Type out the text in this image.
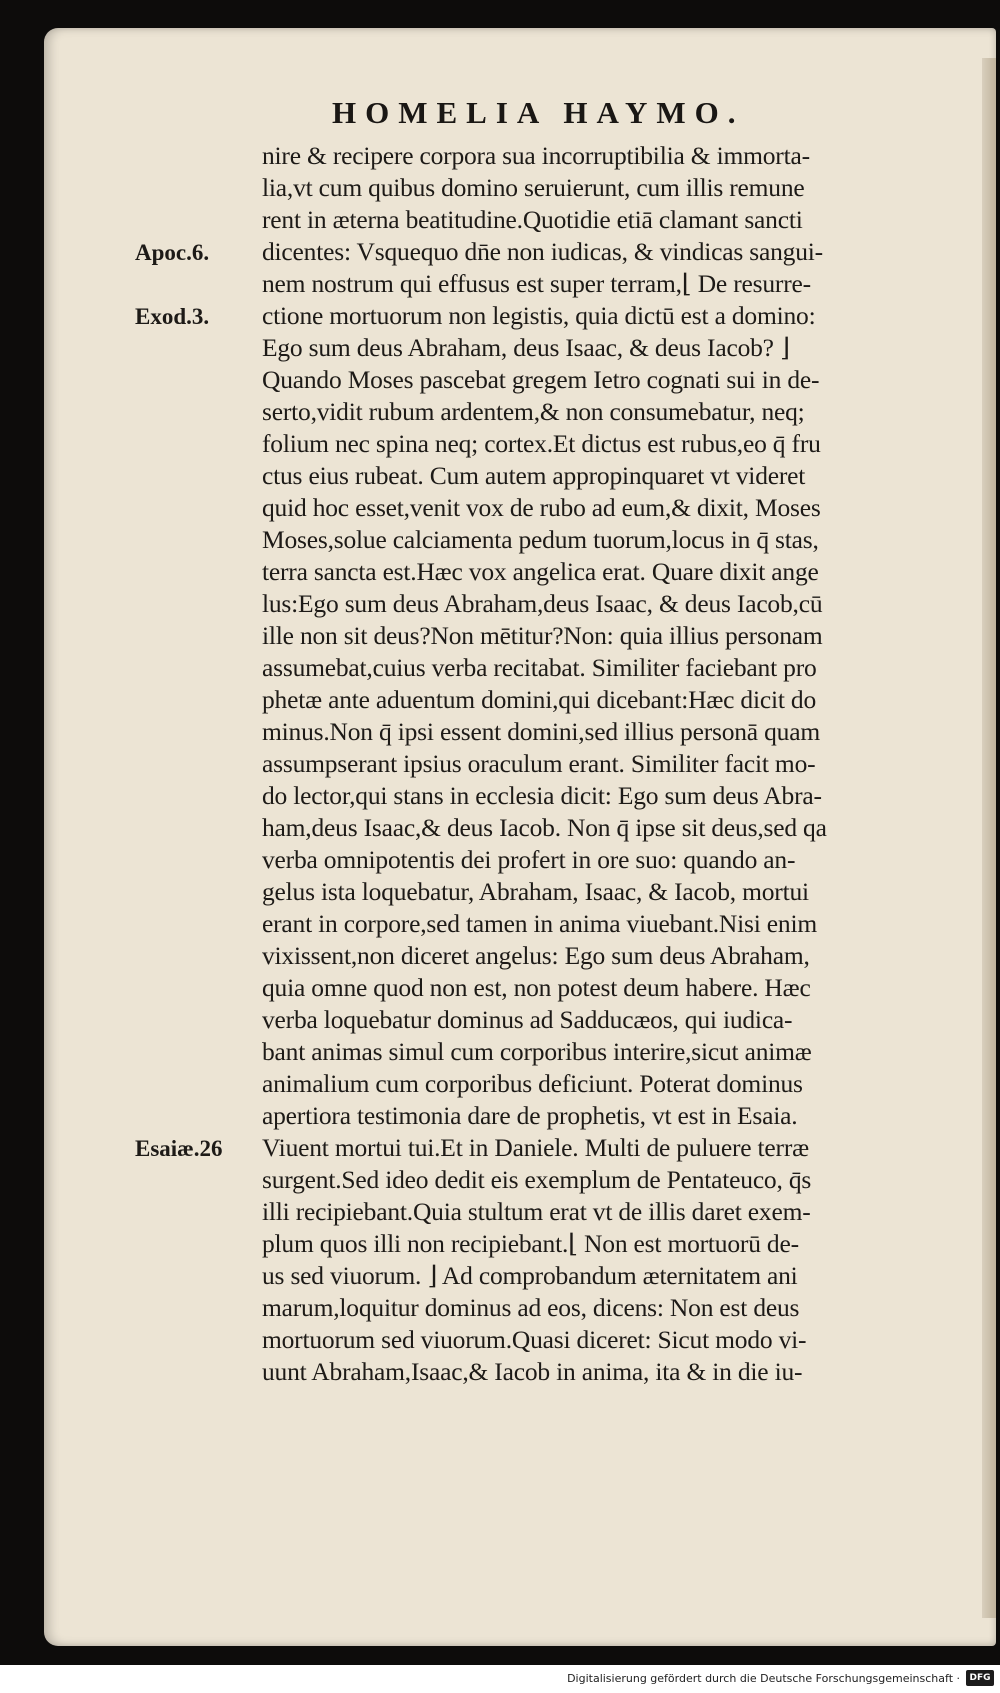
HOMELIA HAYMO.
nire & recipere corpora sua incorruptibilia & immorta-
lia,vt cum quibus domino seruierunt, cum illis remune
rent in æterna beatitudine.Quotidie etiā clamant sancti
dicentes: Vsquequo dn̄e non iudicas, & vindicas sangui-
nem nostrum qui effusus est super terram,⌊ De resurre-
ctione mortuorum non legistis, quia dictū est a domino:
Ego sum deus Abraham, deus Isaac, & deus Iacob? ⌋
Quando Moses pascebat gregem Ietro cognati sui in de-
serto,vidit rubum ardentem,& non consumebatur, neq;
folium nec spina neq; cortex.Et dictus est rubus,eo q̄ fru
ctus eius rubeat. Cum autem appropinquaret vt videret
quid hoc esset,venit vox de rubo ad eum,& dixit, Moses
Moses,solue calciamenta pedum tuorum,locus in q̄ stas,
terra sancta est.Hæc vox angelica erat. Quare dixit ange
lus:Ego sum deus Abraham,deus Isaac, & deus Iacob,cū
ille non sit deus?Non mētitur?Non: quia illius personam
assumebat,cuius verba recitabat. Similiter faciebant pro
phetæ ante aduentum domini,qui dicebant:Hæc dicit do
minus.Non q̄ ipsi essent domini,sed illius personā quam
assumpserant ipsius oraculum erant. Similiter facit mo-
do lector,qui stans in ecclesia dicit: Ego sum deus Abra-
ham,deus Isaac,& deus Iacob. Non q̄ ipse sit deus,sed qa
verba omnipotentis dei profert in ore suo: quando an-
gelus ista loquebatur, Abraham, Isaac, & Iacob, mortui
erant in corpore,sed tamen in anima viuebant.Nisi enim
vixissent,non diceret angelus: Ego sum deus Abraham,
quia omne quod non est, non potest deum habere. Hæc
verba loquebatur dominus ad Sadducæos, qui iudica-
bant animas simul cum corporibus interire,sicut animæ
animalium cum corporibus deficiunt. Poterat dominus
apertiora testimonia dare de prophetis, vt est in Esaia.
Viuent mortui tui.Et in Daniele. Multi de puluere terræ
surgent.Sed ideo dedit eis exemplum de Pentateuco, q̄s
illi recipiebant.Quia stultum erat vt de illis daret exem-
plum quos illi non recipiebant.⌊ Non est mortuorū de-
us sed viuorum. ⌋ Ad comprobandum æternitatem ani
marum,loquitur dominus ad eos, dicens: Non est deus
mortuorum sed viuorum.Quasi diceret: Sicut modo vi-
uunt Abraham,Isaac,& Iacob in anima, ita & in die iu-
Apoc.6.
Exod.3.
Esaiæ.26
Digitalisierung gefördert durch die Deutsche Forschungsgemeinschaft ·	DFG
